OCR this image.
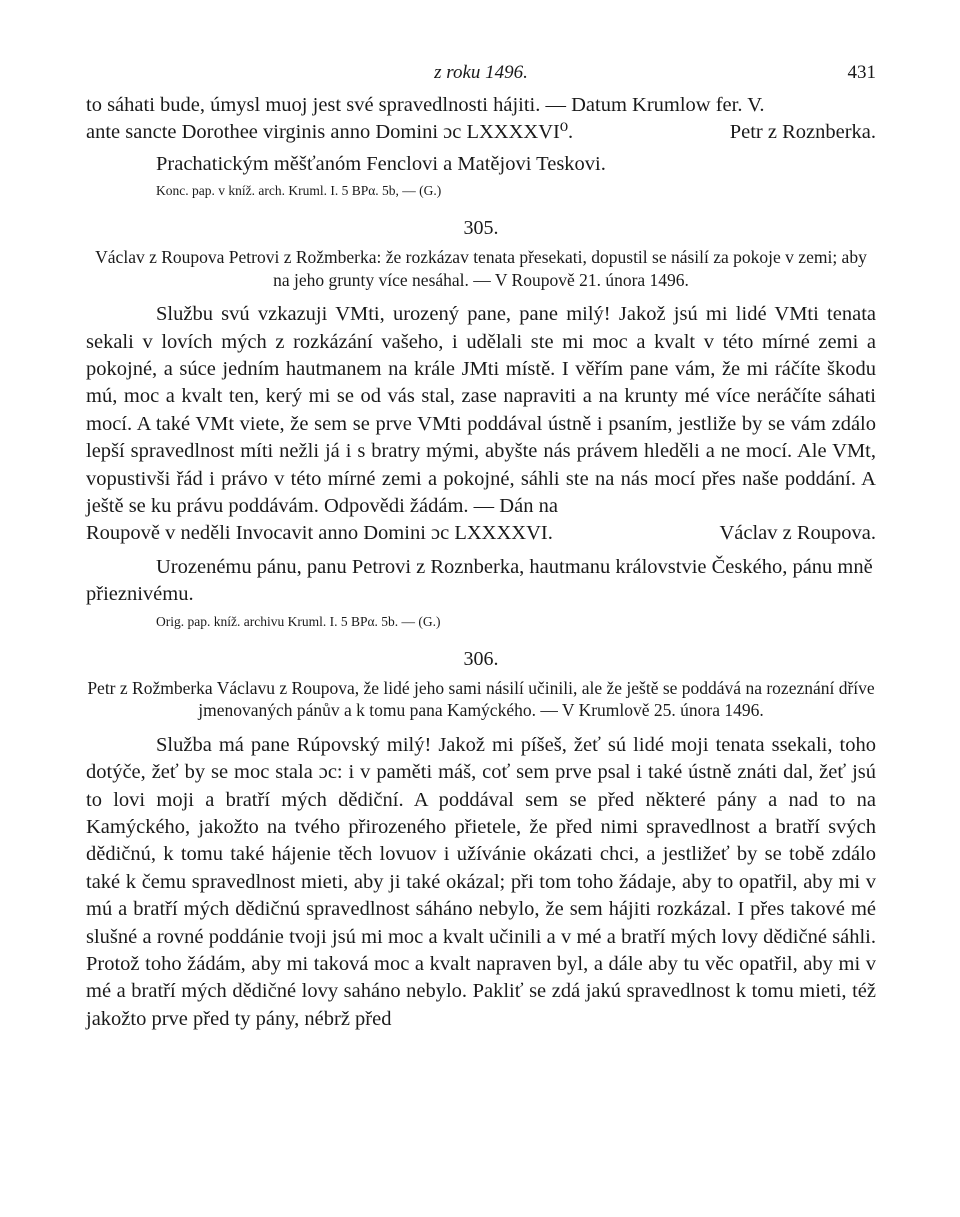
z roku 1496.	431

to sáhati bude, úmysl muoj jest své spravedlnosti hájiti. — Datum Krumlow fer. V.

ante sancte Dorothee virginis anno Domini ɔc LXXXXVI⁰.	Petr z Roznberka.

Prachatickým měšťanóm Fenclovi a Matějovi Teskovi.

Konc. pap. v kníž. arch. Kruml. I. 5 BPα. 5b, — (G.)

305.

Václav z Roupova Petrovi z Rožmberka: že rozkázav tenata přesekati, dopustil se násilí za pokoje v zemi; aby na jeho grunty více nesáhal. — V Roupově 21. února 1496.

Službu svú vzkazuji VMti, urozený pane, pane milý! Jakož jsú mi lidé VMti tenata sekali v lovích mých z rozkázání vašeho, i udělali ste mi moc a kvalt v této mírné zemi a pokojné, a súce jedním hautmanem na krále JMti místě. I věřím pane vám, že mi ráčíte škodu mú, moc a kvalt ten, kerý mi se od vás stal, zase napraviti a na krunty mé více neráčíte sáhati mocí. A také VMt viete, že sem se prve VMti poddával ústně i psaním, jestliže by se vám zdálo lepší spravedlnost míti nežli já i s bratry mými, abyšte nás právem hleděli a ne mocí. Ale VMt, vopustivši řád i právo v této mírné zemi a pokojné, sáhli ste na nás mocí přes naše poddání. A ještě se ku právu poddávám. Odpovědi žádám. — Dán na

Roupově v neděli Invocavit anno Domini ɔc LXXXXVI.	Václav z Roupova.

Urozenému pánu, panu Petrovi z Roznberka, hautmanu královstvie Českého, pánu mně přieznivému.

Orig. pap. kníž. archivu Kruml. I. 5 BPα. 5b. — (G.)

306.

Petr z Rožmberka Václavu z Roupova, že lidé jeho sami násilí učinili, ale že ještě se poddává na rozeznání dříve jmenovaných pánův a k tomu pana Kamýckého. — V Krumlově 25. února 1496.

Služba má pane Rúpovský milý! Jakož mi píšeš, žeť sú lidé moji tenata ssekali, toho dotýče, žeť by se moc stala ɔc: i v paměti máš, coť sem prve psal i také ústně znáti dal, žeť jsú to lovi moji a bratří mých dědiční. A poddával sem se před některé pány a nad to na Kamýckého, jakožto na tvého přirozeného přietele, že před nimi spravedlnost a bratří svých dědičnú, k tomu také hájenie těch lovuov i užívánie okázati chci, a jestližeť by se tobě zdálo také k čemu spravedlnost mieti, aby ji také okázal; při tom toho žádaje, aby to opatřil, aby mi v mú a bratří mých dědičnú spravedlnost sáháno nebylo, že sem hájiti rozkázal. I přes takové mé slušné a rovné poddánie tvoji jsú mi moc a kvalt učinili a v mé a bratří mých lovy dědičné sáhli. Protož toho žádám, aby mi taková moc a kvalt napraven byl, a dále aby tu věc opatřil, aby mi v mé a bratří mých dědičné lovy saháno nebylo. Pakliť se zdá jakú spravedlnost k tomu mieti, též jakožto prve před ty pány, nébrž před
